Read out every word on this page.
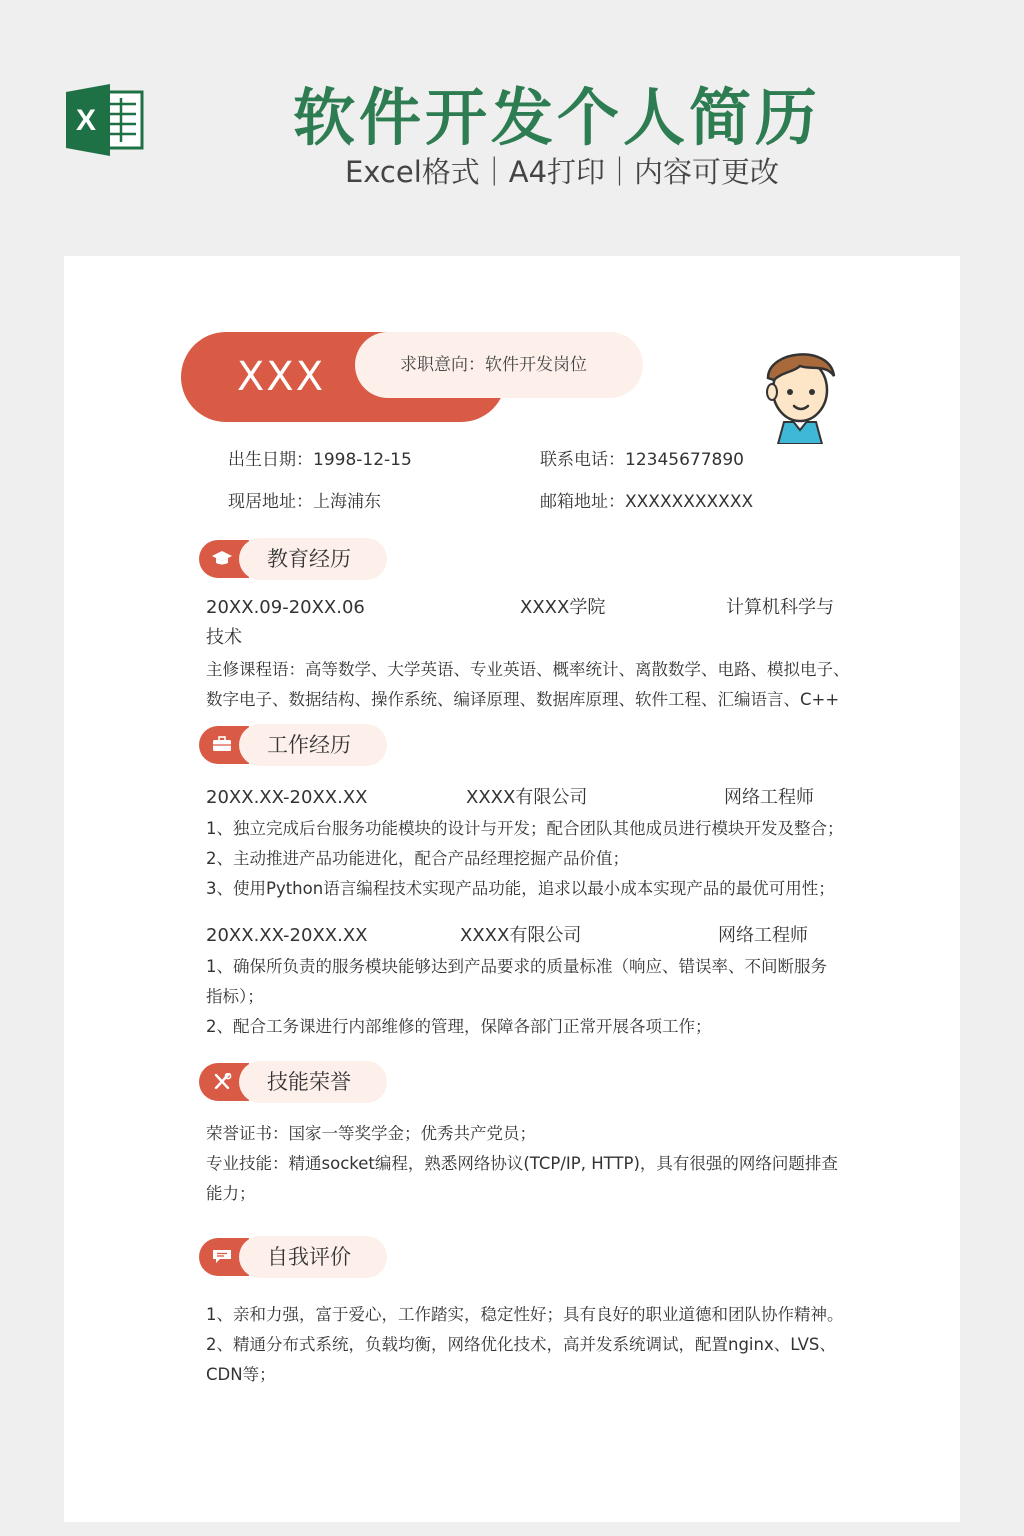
X	软件开发个人简历
Excel格式｜A4打印｜内容可更改
XXX	求职意向：软件开发岗位
出生日期：1998-12-15	联系电话：12345677890
现居地址：上海浦东	邮箱地址：XXXXXXXXXXX
教育经历
20XX.09-20XX.06	XXXX学院	计算机科学与
技术
主修课程语：高等数学、大学英语、专业英语、概率统计、离散数学、电路、模拟电子、
数字电子、数据结构、操作系统、编译原理、数据库原理、软件工程、汇编语言、C++
工作经历
20XX.XX-20XX.XX	XXXX有限公司	网络工程师
1、独立完成后台服务功能模块的设计与开发；配合团队其他成员进行模块开发及整合；
2、主动推进产品功能进化，配合产品经理挖掘产品价值；
3、使用Python语言编程技术实现产品功能，追求以最小成本实现产品的最优可用性；
20XX.XX-20XX.XX	XXXX有限公司	网络工程师
1、确保所负责的服务模块能够达到产品要求的质量标准（响应、错误率、不间断服务
指标）；
2、配合工务课进行内部维修的管理，保障各部门正常开展各项工作；
技能荣誉
荣誉证书：国家一等奖学金；优秀共产党员；
专业技能：精通socket编程，熟悉网络协议(TCP/IP, HTTP)，具有很强的网络问题排查
能力；
自我评价
1、亲和力强，富于爱心，工作踏实，稳定性好；具有良好的职业道德和团队协作精神。
2、精通分布式系统，负载均衡，网络优化技术，高并发系统调试，配置nginx、LVS、
CDN等；
